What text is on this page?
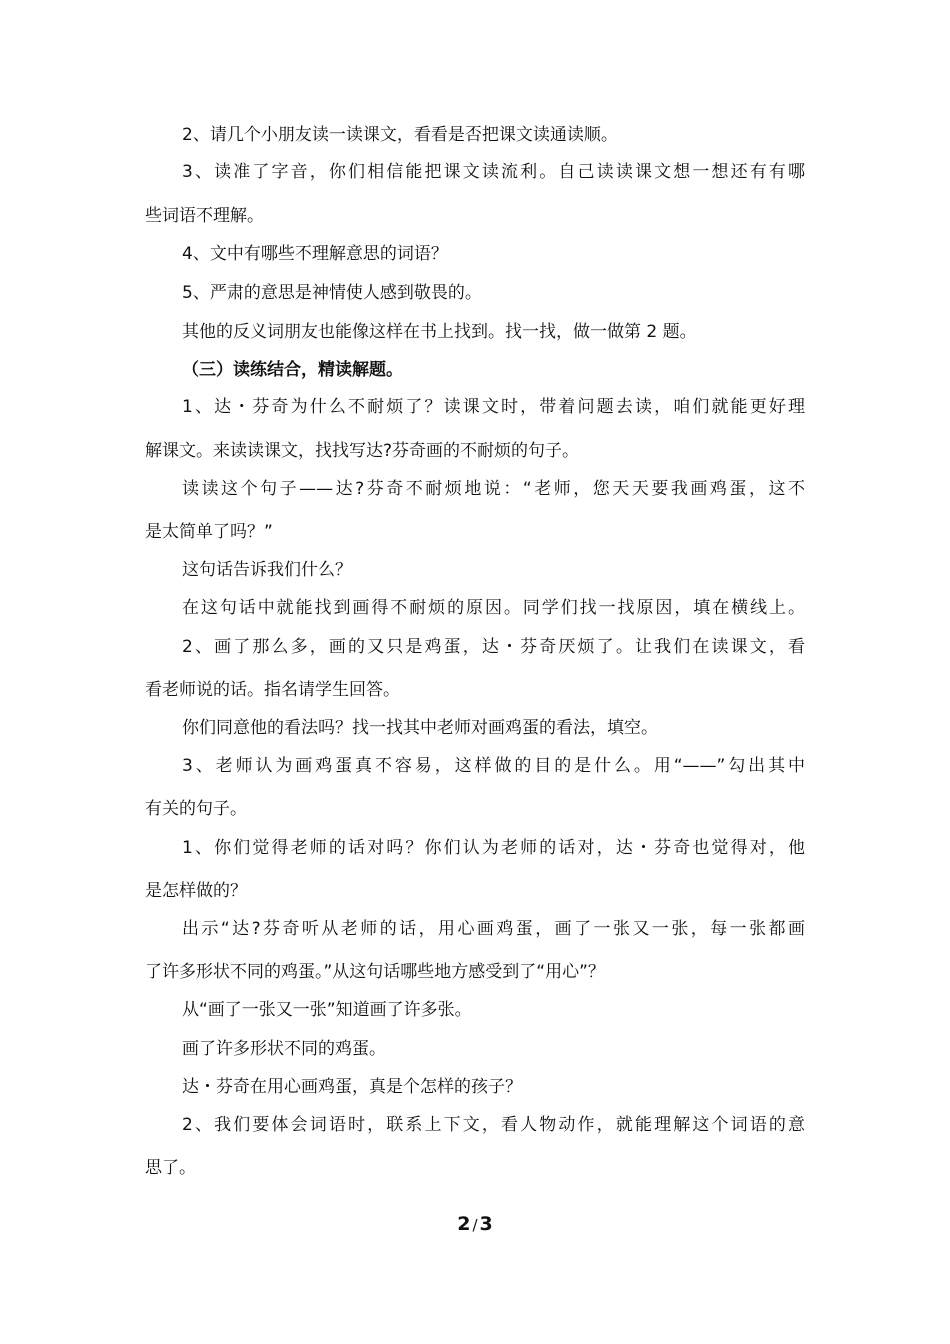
2、请几个小朋友读一读课文，看看是否把课文读通读顺。
3、读准了字音，你们相信能把课文读流利。自己读读课文想一想还有有哪
些词语不理解。
4、文中有哪些不理解意思的词语？
5、严肃的意思是神情使人感到敬畏的。
其他的反义词朋友也能像这样在书上找到。找一找，做一做第 2 题。
（三）读练结合，精读解题。
1、达・芬奇为什么不耐烦了？读课文时，带着问题去读，咱们就能更好理
解课文。来读读课文，找找写达?芬奇画的不耐烦的句子。
读读这个句子——达?芬奇不耐烦地说：“老师，您天天要我画鸡蛋，这不
是太简单了吗？”
这句话告诉我们什么？
在这句话中就能找到画得不耐烦的原因。同学们找一找原因，填在横线上。
2、画了那么多，画的又只是鸡蛋，达・芬奇厌烦了。让我们在读课文，看
看老师说的话。指名请学生回答。
你们同意他的看法吗？找一找其中老师对画鸡蛋的看法，填空。
3、老师认为画鸡蛋真不容易，这样做的目的是什么。用“——”勾出其中
有关的句子。
1、你们觉得老师的话对吗？你们认为老师的话对，达・芬奇也觉得对，他
是怎样做的？
出示“达?芬奇听从老师的话，用心画鸡蛋，画了一张又一张，每一张都画
了许多形状不同的鸡蛋。”从这句话哪些地方感受到了“用心”？
从“画了一张又一张”知道画了许多张。
画了许多形状不同的鸡蛋。
达・芬奇在用心画鸡蛋，真是个怎样的孩子？
2、我们要体会词语时，联系上下文，看人物动作，就能理解这个词语的意
思了。
2 / 3
